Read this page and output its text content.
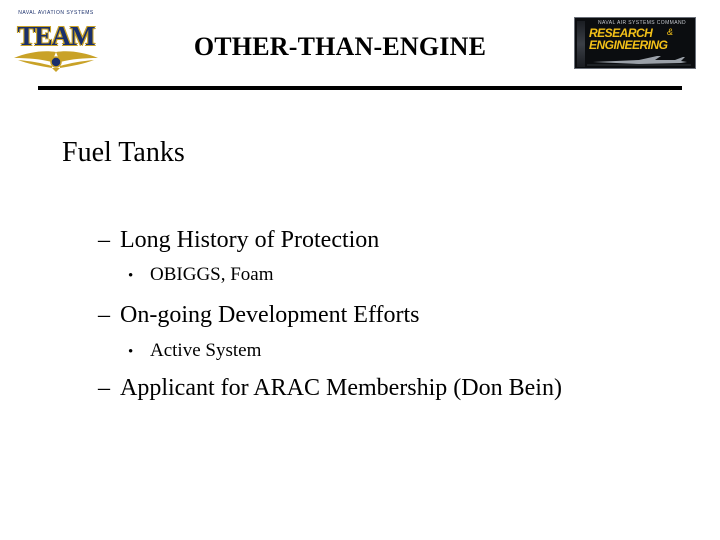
NAVAL AVIATION SYSTEMS
TEAM	OTHER-THAN-ENGINE
NAVAL AIR SYSTEMS COMMAND
RESEARCH &
ENGINEERING
Fuel Tanks
– Long History of Protection
• OBIGGS, Foam
– On-going Development Efforts
• Active System
– Applicant for ARAC Membership (Don Bein)
